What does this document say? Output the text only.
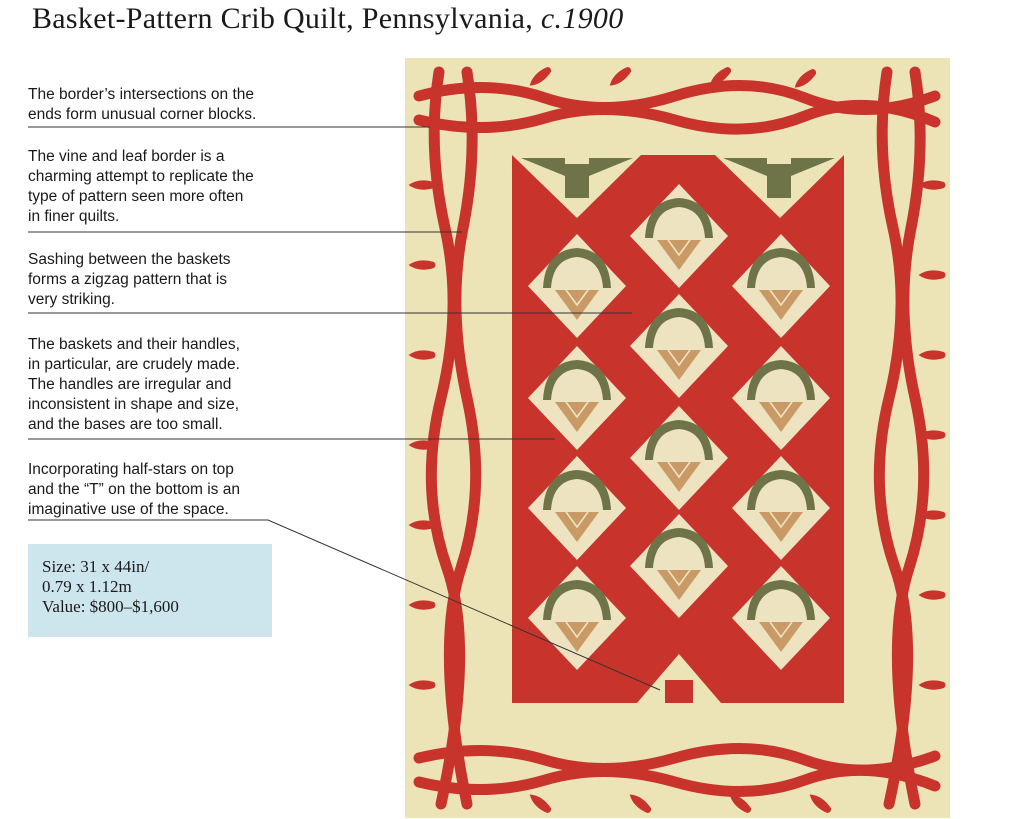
Basket-Pattern Crib Quilt, Pennsylvania, c.1900
The border’s intersections on the
ends form unusual corner blocks.
The vine and leaf border is a
charming attempt to replicate the
type of pattern seen more often
in finer quilts.
Sashing between the baskets
forms a zigzag pattern that is
very striking.
The baskets and their handles,
in particular, are crudely made.
The handles are irregular and
inconsistent in shape and size,
and the bases are too small.
Incorporating half-stars on top
and the “T” on the bottom is an
imaginative use of the space.
Size: 31 x 44in/
0.79 x 1.12m
Value: $800–$1,600
